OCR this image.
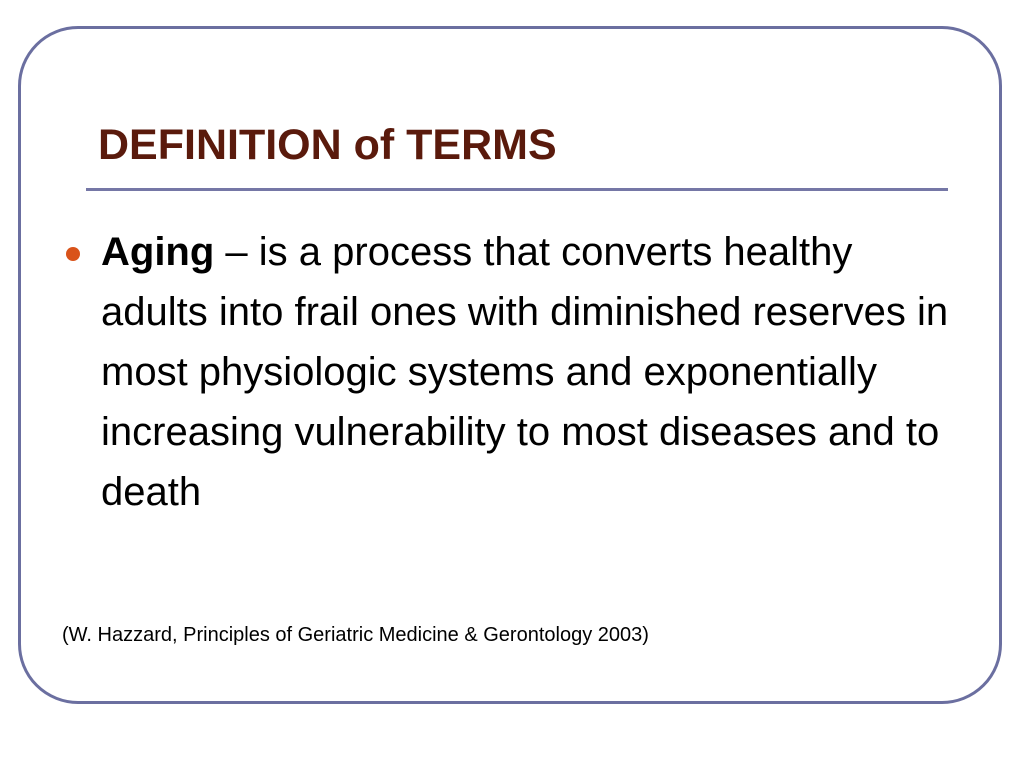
DEFINITION of TERMS
Aging – is a process that converts healthy adults into frail ones with diminished reserves in most physiologic systems and exponentially increasing vulnerability to most diseases and to death

(W. Hazzard, Principles of Geriatric Medicine & Gerontology 2003)
